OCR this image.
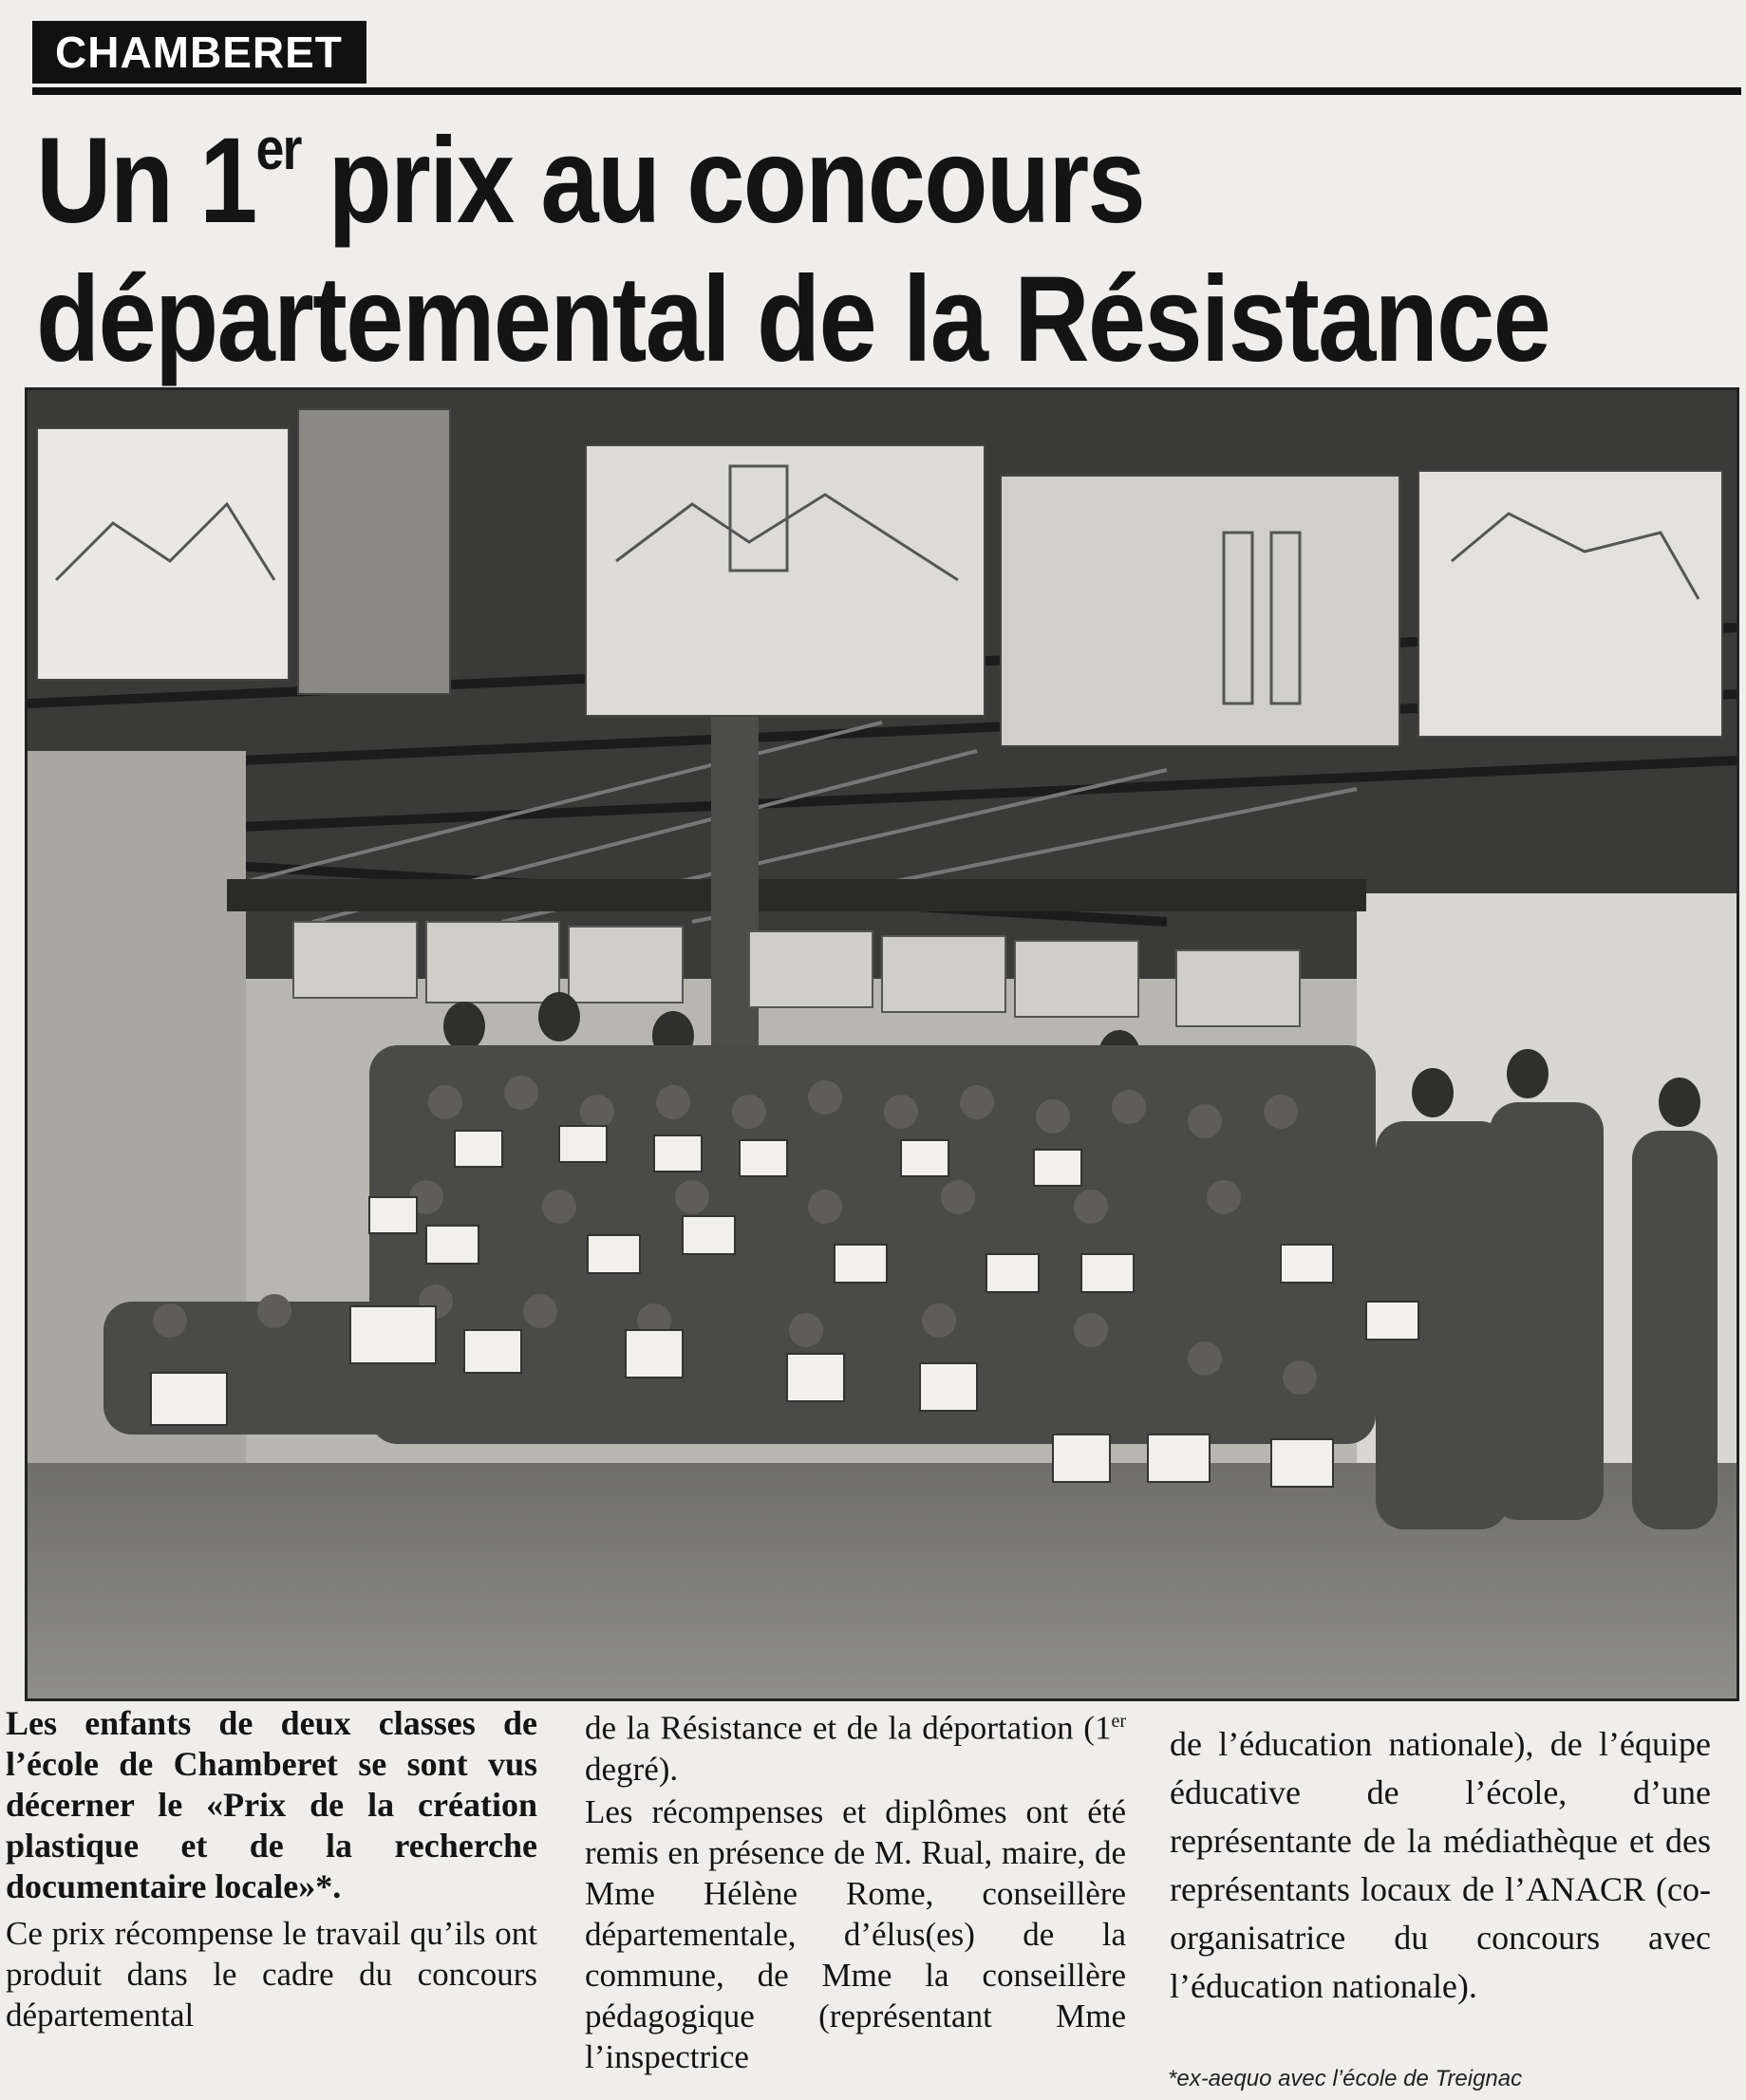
CHAMBERET
Un 1er prix au concours
départemental de la Résistance

Les enfants de deux classes de l’école de Chamberet se sont vus décerner le «Prix de la création plastique et de la recherche documentaire locale»*.

Ce prix récompense le travail qu’ils ont produit dans le cadre du concours départemental

de la Résistance et de la déportation (1er degré).

Les récompenses et diplômes ont été remis en présence de M. Rual, maire, de Mme Hélène Rome, conseillère départementale, d’élus(es) de la commune, de Mme la conseillère pédagogique (représentant Mme l’inspectrice

de l’éducation nationale), de l’équipe éducative de l’école, d’une représentante de la médiathèque et des représentants locaux de l’ANACR (co-organisatrice du concours avec l’éducation nationale).

*ex-aequo avec l’école de Treignac
